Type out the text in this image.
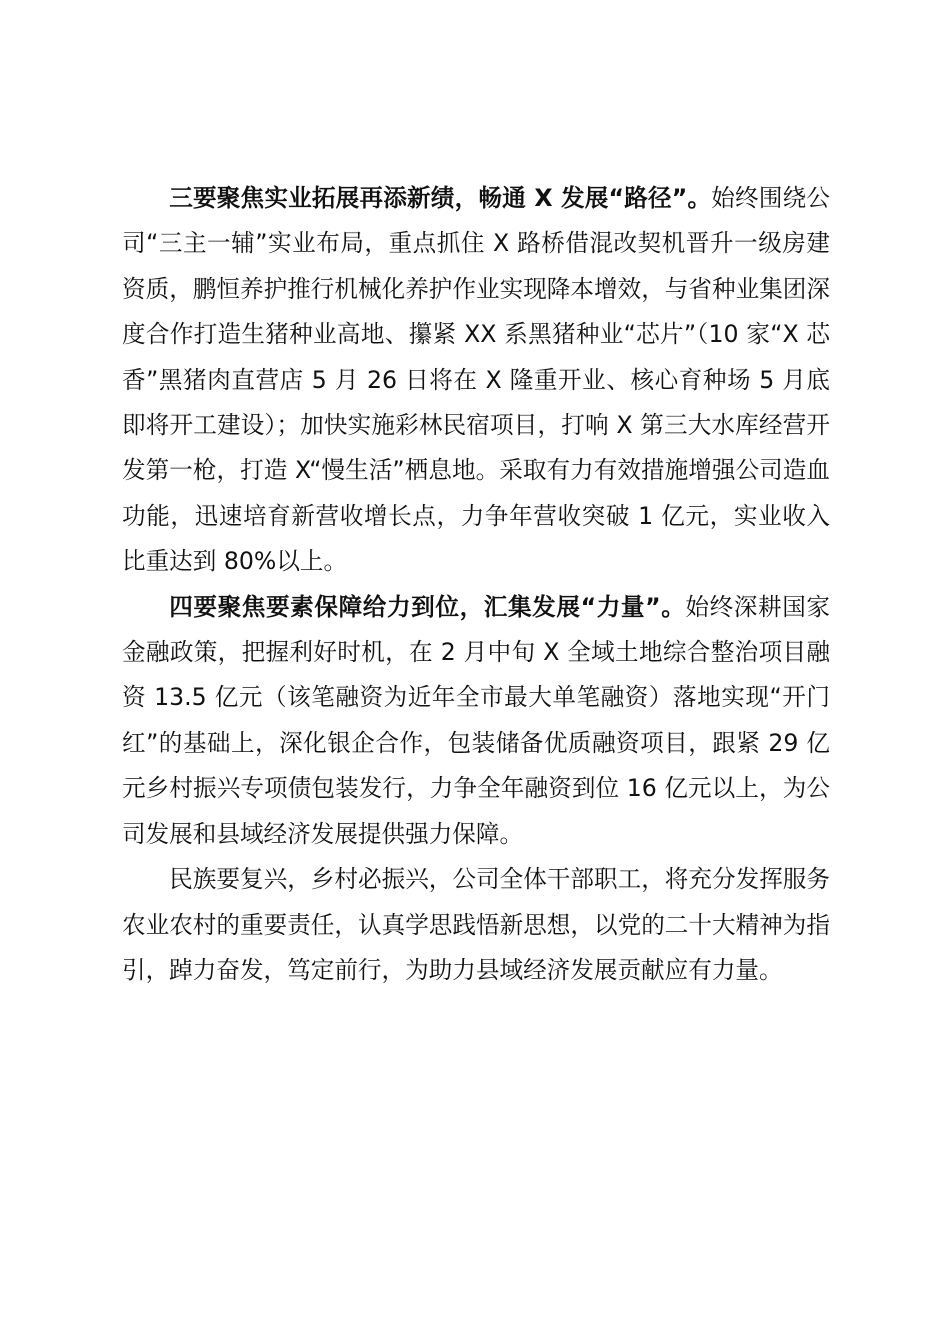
三要聚焦实业拓展再添新绩，畅通 X 发展“路径”。始终围绕公司“三主一辅”实业布局，重点抓住 X 路桥借混改契机晋升一级房建资质，鹏恒养护推行机械化养护作业实现降本增效，与省种业集团深度合作打造生猪种业高地、攥紧 XX 系黑猪种业“芯片”（10 家“X 芯香”黑猪肉直营店 5 月 26 日将在 X 隆重开业、核心育种场 5 月底即将开工建设）；加快实施彩林民宿项目，打响 X 第三大水库经营开发第一枪，打造 X“慢生活”栖息地。采取有力有效措施增强公司造血功能，迅速培育新营收增长点，力争年营收突破 1 亿元，实业收入比重达到 80%以上。

四要聚焦要素保障给力到位，汇集发展“力量”。始终深耕国家金融政策，把握利好时机，在 2 月中旬 X 全域土地综合整治项目融资 13.5 亿元（该笔融资为近年全市最大单笔融资）落地实现“开门红”的基础上，深化银企合作，包装储备优质融资项目，跟紧 29 亿元乡村振兴专项债包装发行，力争全年融资到位 16 亿元以上，为公司发展和县域经济发展提供强力保障。

民族要复兴，乡村必振兴，公司全体干部职工，将充分发挥服务农业农村的重要责任，认真学思践悟新思想，以党的二十大精神为指引，踔力奋发，笃定前行，为助力县域经济发展贡献应有力量。
